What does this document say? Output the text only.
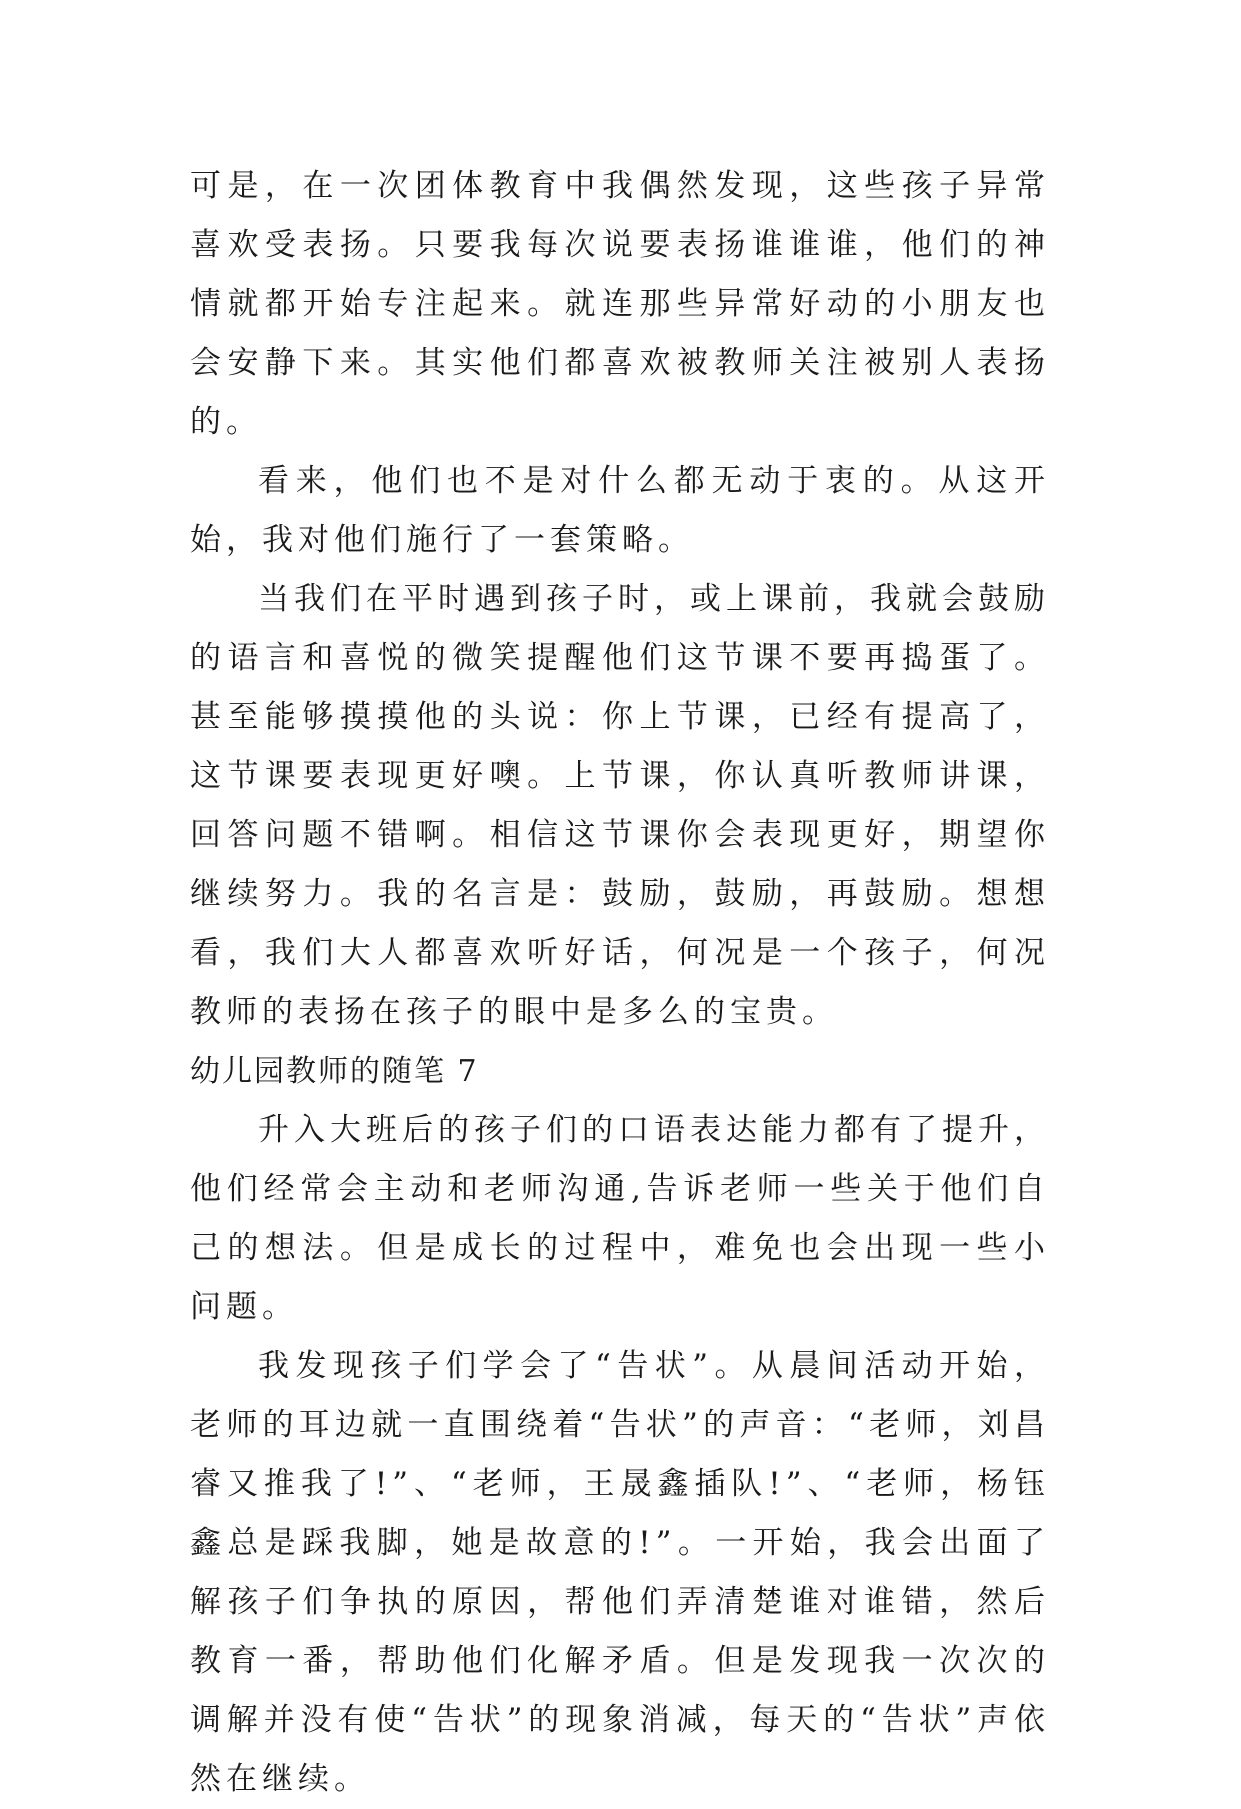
可是，在一次团体教育中我偶然发现，这些孩子异常喜欢受表扬。只要我每次说要表扬谁谁谁，他们的神情就都开始专注起来。就连那些异常好动的小朋友也会安静下来。其实他们都喜欢被教师关注被别人表扬的。

看来，他们也不是对什么都无动于衷的。从这开始，我对他们施行了一套策略。

当我们在平时遇到孩子时，或上课前，我就会鼓励的语言和喜悦的微笑提醒他们这节课不要再捣蛋了。甚至能够摸摸他的头说：你上节课，已经有提高了，这节课要表现更好噢。上节课，你认真听教师讲课，回答问题不错啊。相信这节课你会表现更好，期望你继续努力。我的名言是：鼓励，鼓励，再鼓励。想想看，我们大人都喜欢听好话，何况是一个孩子，何况教师的表扬在孩子的眼中是多么的宝贵。

幼儿园教师的随笔 7

升入大班后的孩子们的口语表达能力都有了提升，他们经常会主动和老师沟通,告诉老师一些关于他们自己的想法。但是成长的过程中，难免也会出现一些小问题。

我发现孩子们学会了“告状”。从晨间活动开始，老师的耳边就一直围绕着“告状”的声音：“老师，刘昌睿又推我了!”、“老师，王晟鑫插队!”、“老师，杨钰鑫总是踩我脚，她是故意的!”。一开始，我会出面了解孩子们争执的原因，帮他们弄清楚谁对谁错，然后教育一番，帮助他们化解矛盾。但是发现我一次次的调解并没有使“告状”的现象消减，每天的“告状”声依然在继续。
